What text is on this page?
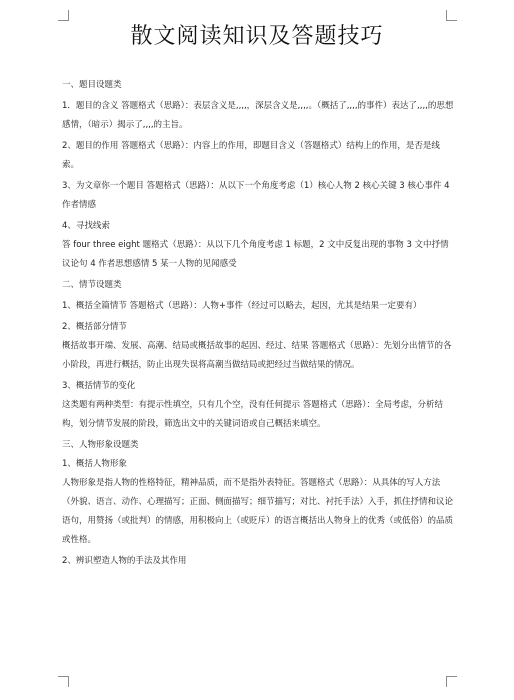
散文阅读知识及答题技巧

一、题目设题类

1．题目的含义 答题格式（思路）：表层含义是,,,,，深层含义是,,,,。（概括了,,,,的事件）表达了,,,,的思想感情，（暗示）揭示了,,,,的主旨。

2、题目的作用 答题格式（思路）：内容上的作用，即题目含义（答题格式）结构上的作用，是否是线索。

3、为文章你一个题目 答题格式（思路）：从以下一个角度考虑（1）核心人物 2 核心关键 3 核心事件 4 作者情感

4、寻找线索

答 four three eight 题格式（思路）：从以下几个角度考虑 1 标题，2 文中反复出现的事物 3 文中抒情议论句 4 作者思想感情 5 某一人物的见闻感受

二、情节设题类

1、概括全篇情节 答题格式（思路）：人物+事件（经过可以略去，起因，尤其是结果一定要有）

2、概括部分情节

概括故事开端、发展、高潮、结局或概括故事的起因、经过、结果 答题格式（思路）：先划分出情节的各小阶段，再进行概括，防止出现失误将高潮当做结局或把经过当做结果的情况。

3、概括情节的变化

这类题有两种类型：有提示性填空，只有几个空，没有任何提示 答题格式（思路）：全局考虑，分析结构，划分情节发展的阶段，筛选出文中的关键词语或自己概括来填空。

三、人物形象设题类

1、概括人物形象

人物形象是指人物的性格特征，精神品质，而不是指外表特征。答题格式（思路）：从具体的写人方法（外貌、语言、动作、心理描写；正面、侧面描写；细节描写；对比、衬托手法）入手，抓住抒情和议论语句，用赞扬（或批判）的情感，用积极向上（或贬斥）的语言概括出人物身上的优秀（或低俗）的品质或性格。

2、辨识塑造人物的手法及其作用
